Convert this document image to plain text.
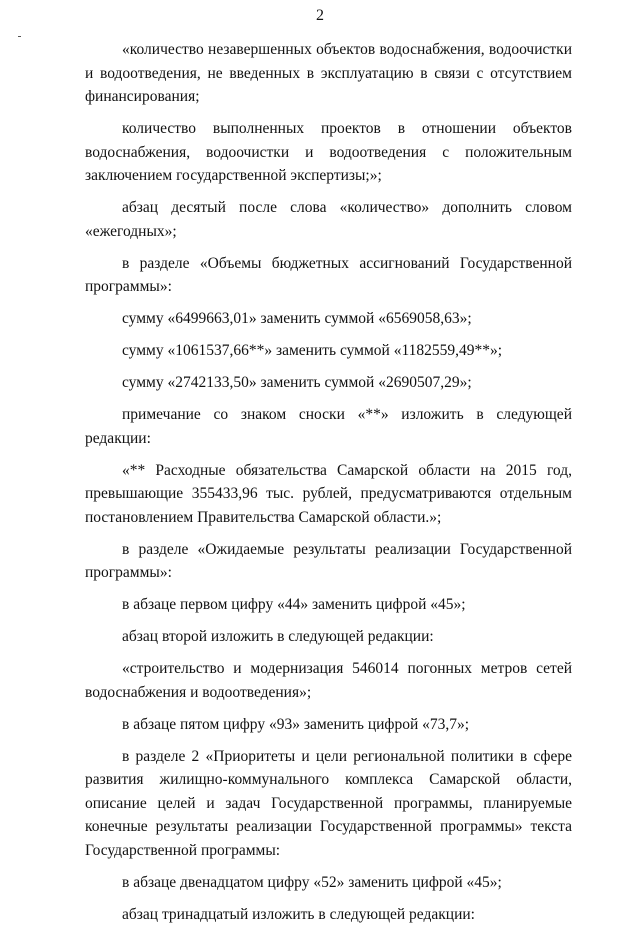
2

«количество незавершенных объектов водоснабжения, водоочистки и водоотведения, не введенных в эксплуатацию в связи с отсутствием финансирования;

количество выполненных проектов в отношении объектов водоснабжения, водоочистки и водоотведения с положительным заключением государственной экспертизы;»;

абзац десятый после слова «количество» дополнить словом «ежегодных»;

в разделе «Объемы бюджетных ассигнований Государственной программы»:

сумму «6499663,01» заменить суммой «6569058,63»;

сумму «1061537,66**» заменить суммой «1182559,49**»;

сумму «2742133,50» заменить суммой «2690507,29»;

примечание со знаком сноски «**» изложить в следующей редакции:

«** Расходные обязательства Самарской области на 2015 год, превышающие 355433,96 тыс. рублей, предусматриваются отдельным постановлением Правительства Самарской области.»;

в разделе «Ожидаемые результаты реализации Государственной программы»:

в абзаце первом цифру «44» заменить цифрой «45»;

абзац второй изложить в следующей редакции:

«строительство и модернизация 546014 погонных метров сетей водоснабжения и водоотведения»;

в абзаце пятом цифру «93» заменить цифрой «73,7»;

в разделе 2 «Приоритеты и цели региональной политики в сфере развития жилищно-коммунального комплекса Самарской области, описание целей и задач Государственной программы, планируемые конечные результаты реализации Государственной программы» текста Государственной программы:

в абзаце двенадцатом цифру «52» заменить цифрой «45»;

абзац тринадцатый изложить в следующей редакции:
